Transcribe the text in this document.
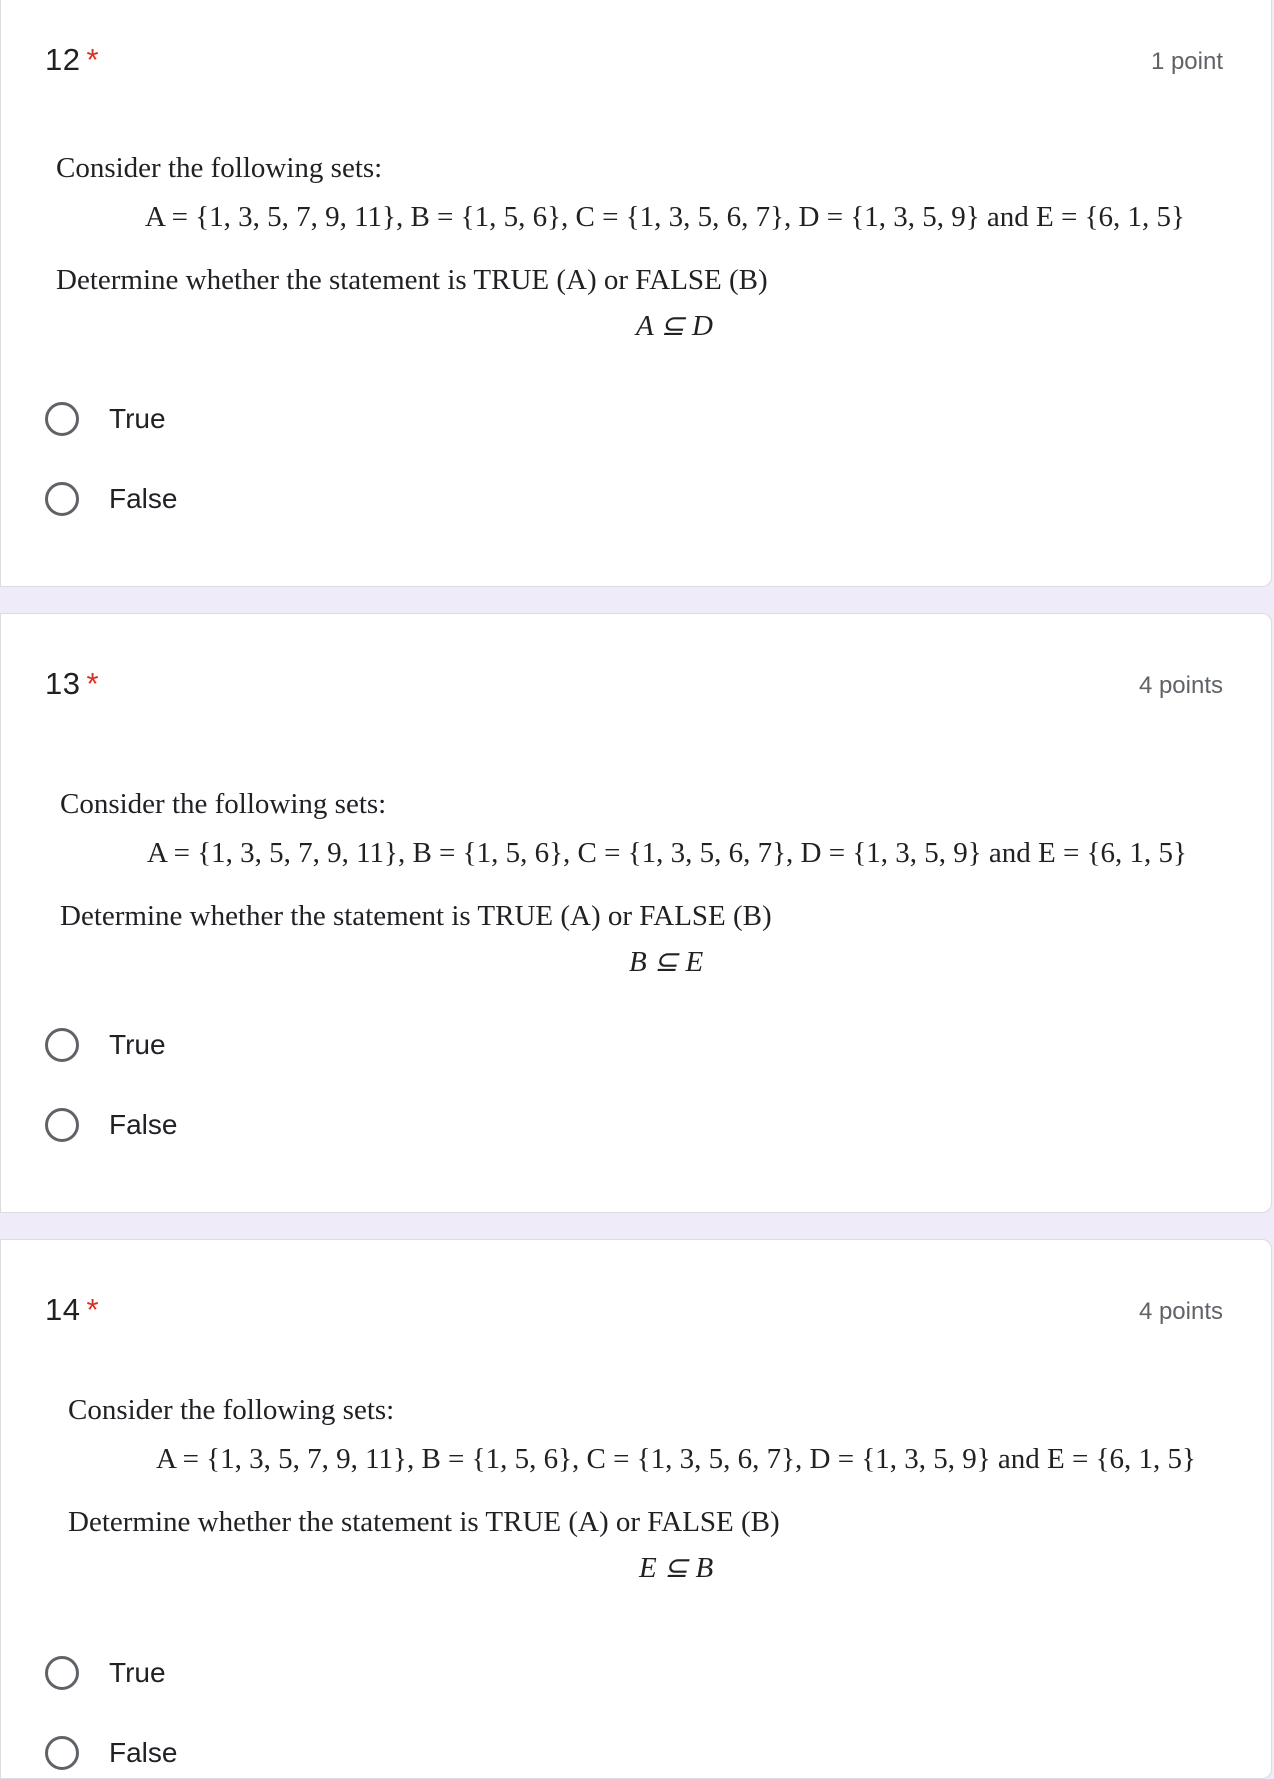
12 *	1 point
Consider the following sets:
A = {1, 3, 5, 7, 9, 11}, B = {1, 5, 6}, C = {1, 3, 5, 6, 7}, D = {1, 3, 5, 9} and E = {6, 1, 5}
Determine whether the statement is TRUE (A) or FALSE (B)
A ⊆ D
True
False
13 *	4 points
Consider the following sets:
A = {1, 3, 5, 7, 9, 11}, B = {1, 5, 6}, C = {1, 3, 5, 6, 7}, D = {1, 3, 5, 9} and E = {6, 1, 5}
Determine whether the statement is TRUE (A) or FALSE (B)
B ⊆ E
True
False
14 *	4 points
Consider the following sets:
A = {1, 3, 5, 7, 9, 11}, B = {1, 5, 6}, C = {1, 3, 5, 6, 7}, D = {1, 3, 5, 9} and E = {6, 1, 5}
Determine whether the statement is TRUE (A) or FALSE (B)
E ⊆ B
True
False
